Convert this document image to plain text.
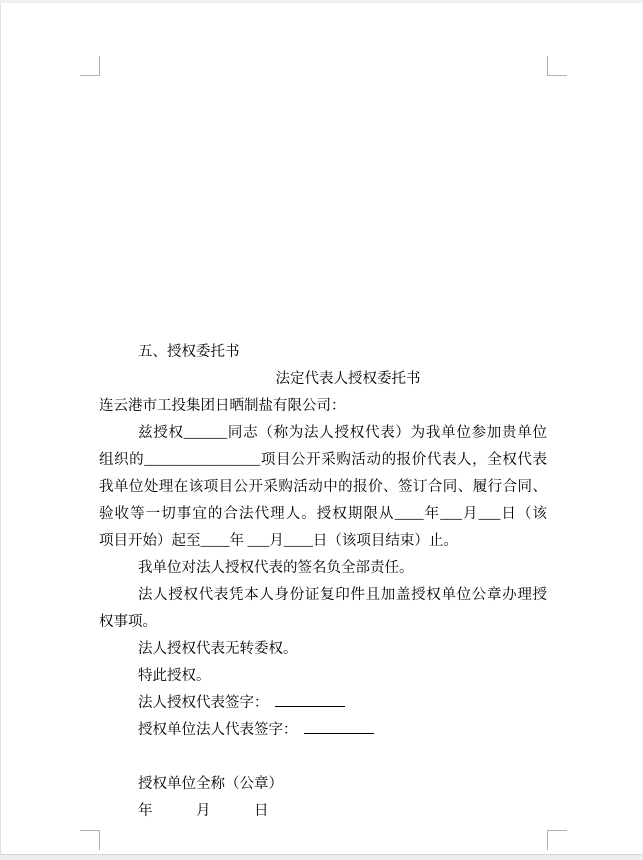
五、授权委托书
法定代表人授权委托书
连云港市工投集团日晒制盐有限公司：
兹授权______同志（称为法人授权代表）为我单位参加贵单位
组织的________________项目公开采购活动的报价代表人，全权代表
我单位处理在该项目公开采购活动中的报价、签订合同、履行合同、
验收等一切事宜的合法代理人。授权期限从____年___月___日（该
项目开始）起至____年 ___月____日（该项目结束）止。
我单位对法人授权代表的签名负全部责任。
法人授权代表凭本人身份证复印件且加盖授权单位公章办理授
权事项。
法人授权代表无转委权。
特此授权。
法人授权代表签字：
授权单位法人代表签字：
授权单位全称（公章）
年　　　月　　　日
